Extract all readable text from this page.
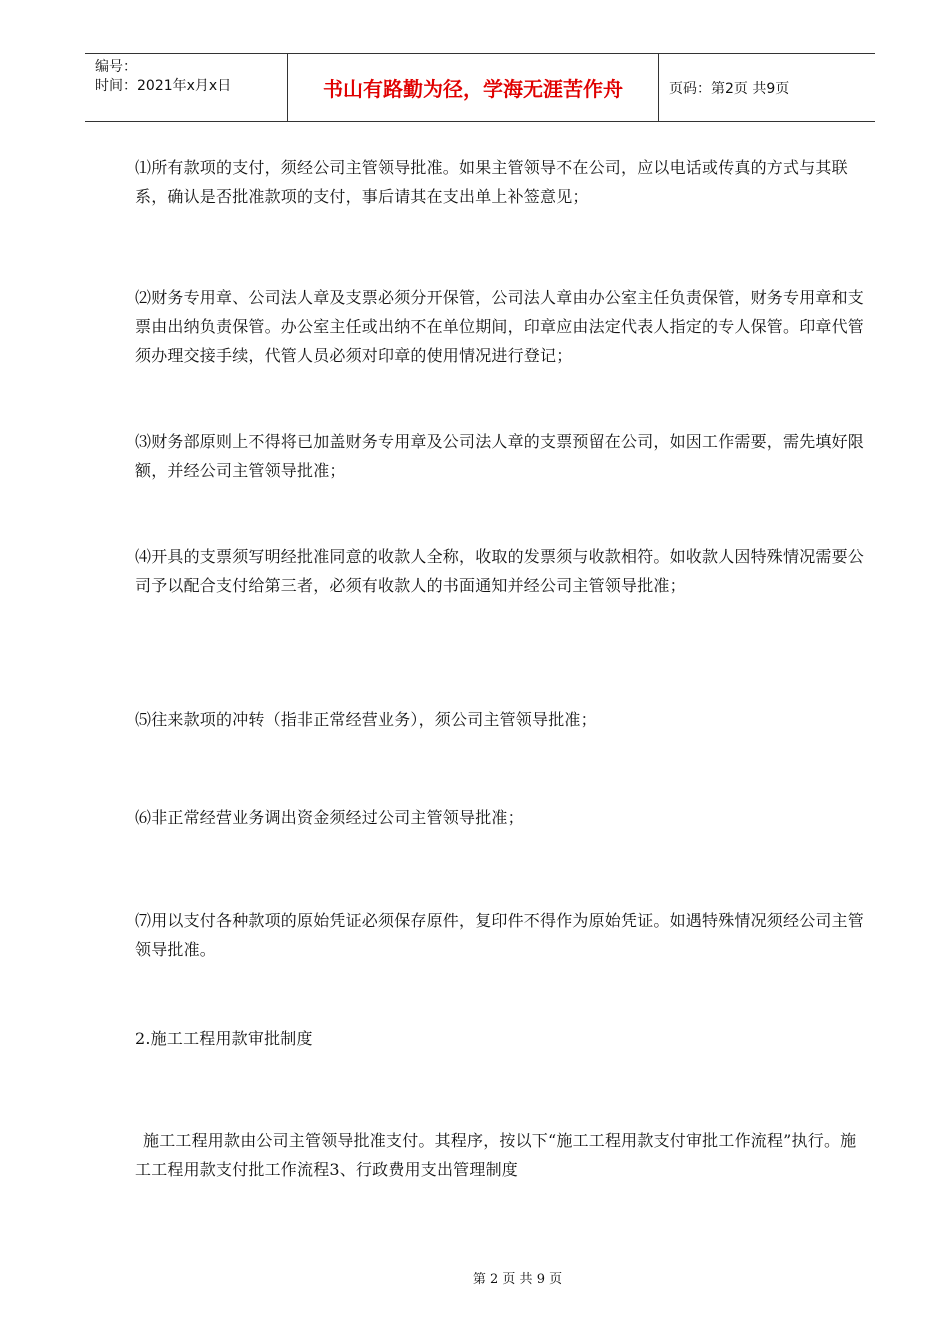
编号：
时间：2021年x月x日	书山有路勤为径，学海无涯苦作舟	页码：第2页 共9页

⑴所有款项的支付，须经公司主管领导批准。如果主管领导不在公司，应以电话或传真的方式与其联系，确认是否批准款项的支付，事后请其在支出单上补签意见；

⑵财务专用章、公司法人章及支票必须分开保管，公司法人章由办公室主任负责保管，财务专用章和支票由出纳负责保管。办公室主任或出纳不在单位期间，印章应由法定代表人指定的专人保管。印章代管须办理交接手续，代管人员必须对印章的使用情况进行登记；

⑶财务部原则上不得将已加盖财务专用章及公司法人章的支票预留在公司，如因工作需要，需先填好限额，并经公司主管领导批准；

⑷开具的支票须写明经批准同意的收款人全称，收取的发票须与收款相符。如收款人因特殊情况需要公司予以配合支付给第三者，必须有收款人的书面通知并经公司主管领导批准；

⑸往来款项的冲转（指非正常经营业务），须公司主管领导批准；

⑹非正常经营业务调出资金须经过公司主管领导批准；

⑺用以支付各种款项的原始凭证必须保存原件，复印件不得作为原始凭证。如遇特殊情况须经公司主管领导批准。

2.施工工程用款审批制度

施工工程用款由公司主管领导批准支付。其程序，按以下“施工工程用款支付审批工作流程”执行。施工工程用款支付批工作流程3、行政费用支出管理制度

第 2 页 共 9 页
